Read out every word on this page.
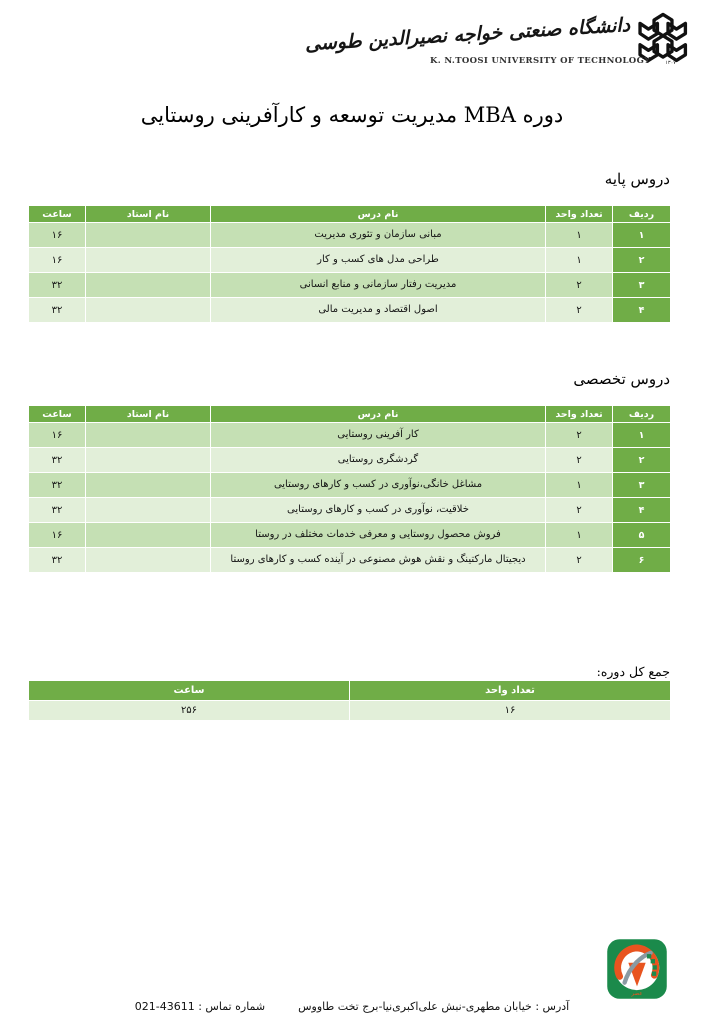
۱۳۰۷
دانشگاه صنعتی خواجه نصیرالدین طوسی
K. N.TOOSI UNIVERSITY OF TECHNOLOGY
دوره MBA مدیریت توسعه و کارآفرینی روستایی
دروس پایه
ردیف	تعداد واحد	نام درس	نام استاد	ساعت
۱	۱	مبانی سازمان و تئوری مدیریت		۱۶
۲	۱	طراحی مدل های کسب و کار		۱۶
۳	۲	مدیریت رفتار سازمانی و منابع انسانی		۳۲
۴	۲	اصول اقتصاد و مدیریت مالی		۳۲
دروس تخصصی
ردیف	تعداد واحد	نام درس	نام استاد	ساعت
۱	۲	کار آفرینی روستایی		۱۶
۲	۲	گردشگری روستایی		۳۲
۳	۱	مشاغل خانگی،نوآوری در کسب و کارهای روستایی		۳۲
۴	۲	خلاقیت، نوآوری در کسب و کارهای روستایی		۳۲
۵	۱	فروش محصول روستایی و معرفی خدمات مختلف در روستا		۱۶
۶	۲	دیجیتال مارکتینگ و نقش هوش مصنوعی در آینده کسب و کارهای روستا		۳۲
جمع کل دوره:
تعداد واحد	ساعت
۱۶	۲۵۶
عصر
آدرس : خیابان مطهری-نبش علی‌اکبری‌نیا-برج تخت طاووس  شماره تماس : 021-43611
